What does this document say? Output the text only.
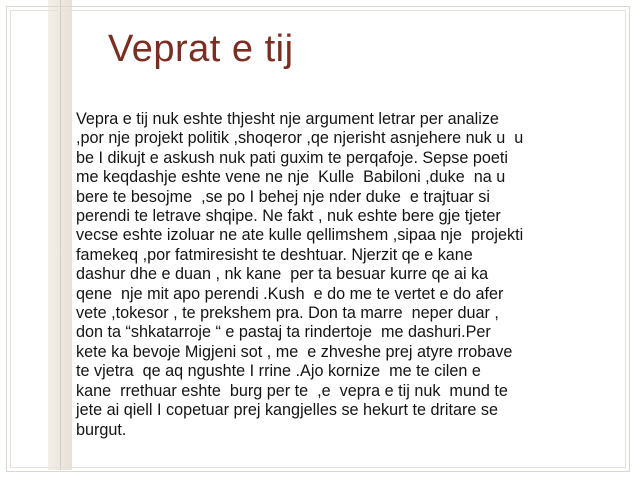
Veprat e tij
Vepra e tij nuk eshte thjesht nje argument letrar per analize
,por nje projekt politik ,shoqeror ,qe njerisht asnjehere nuk u  u
be I dikujt e askush nuk pati guxim te perqafoje. Sepse poeti
me keqdashje eshte vene ne nje  Kulle  Babiloni ,duke  na u
bere te besojme  ,se po I behej nje nder duke  e trajtuar si
perendi te letrave shqipe. Ne fakt , nuk eshte bere gje tjeter
vecse eshte izoluar ne ate kulle qellimshem ,sipaa nje  projekti
famekeq ,por fatmiresisht te deshtuar. Njerzit qe e kane
dashur dhe e duan , nk kane  per ta besuar kurre qe ai ka
qene  nje mit apo perendi .Kush  e do me te vertet e do afer
vete ,tokesor , te prekshem pra. Don ta marre  neper duar ,
don ta “shkatarroje “ e pastaj ta rindertoje  me dashuri.Per
kete ka bevoje Migjeni sot , me  e zhveshe prej atyre rrobave
te vjetra  qe aq ngushte I rrine .Ajo kornize  me te cilen e
kane  rrethuar eshte  burg per te  ,e  vepra e tij nuk  mund te
jete ai qiell I copetuar prej kangjelles se hekurt te dritare se
burgut.
